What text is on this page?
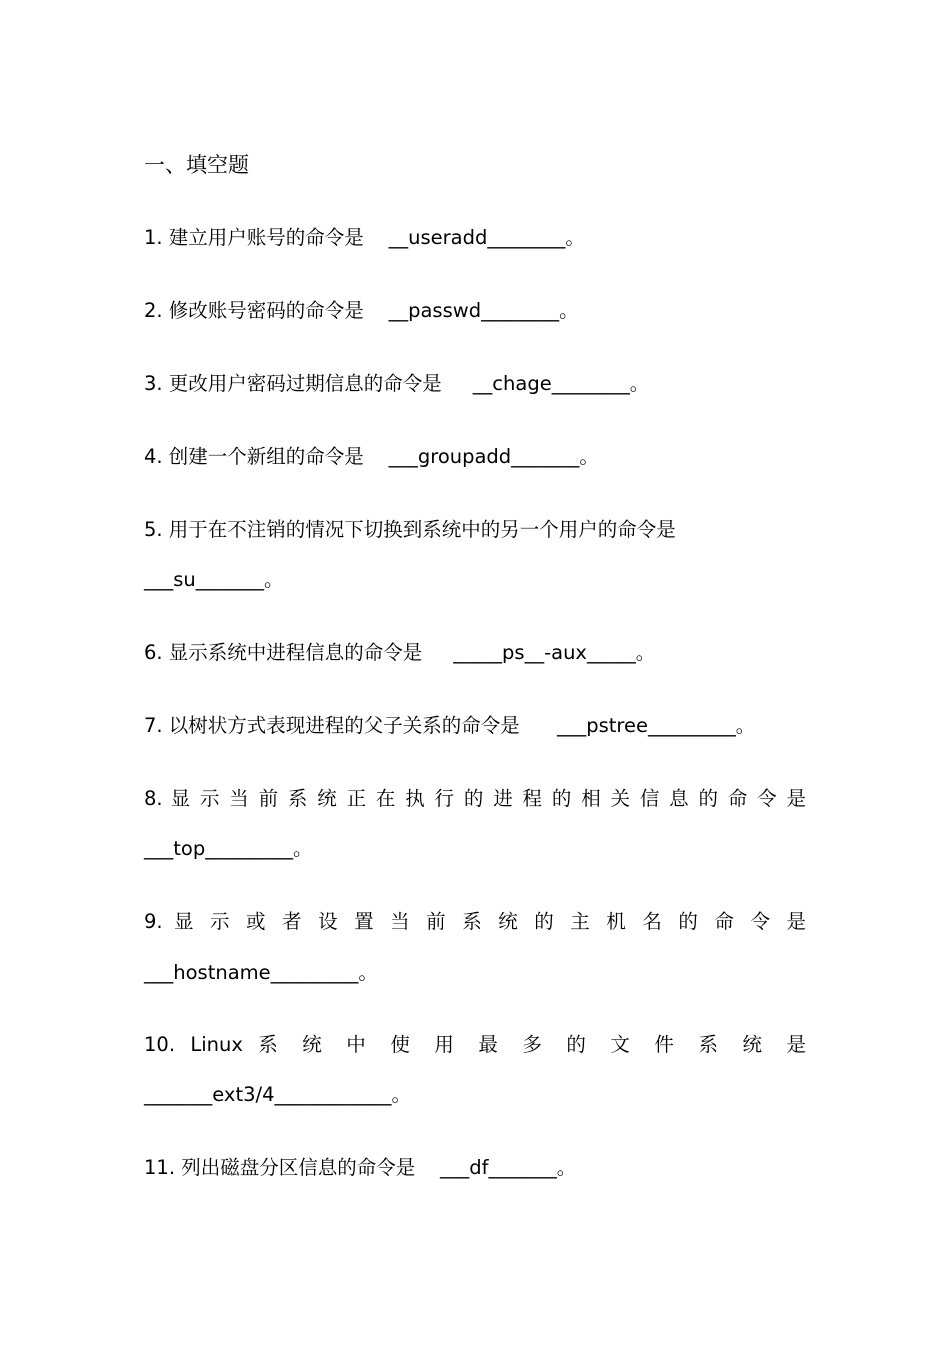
一、填空题
1. 建立用户账号的命令是    __useradd________。
2. 修改账号密码的命令是    __passwd________。
3. 更改用户密码过期信息的命令是     __chage________。
4. 创建一个新组的命令是    ___groupadd_______。
5. 用于在不注销的情况下切换到系统中的另一个用户的命令是
___su_______。
6. 显示系统中进程信息的命令是     _____ps__-aux_____。
7. 以树状方式表现进程的父子关系的命令是      ___pstree_________。
8. 显 示 当 前 系 统 正 在 执 行 的 进 程 的 相 关 信 息 的 命 令 是
___top_________。
9. 显 示 或 者 设 置 当 前 系 统 的 主 机 名 的 命 令 是
___hostname_________。
10. Linux 系 统 中 使 用 最 多 的 文 件 系 统 是
_______ext3/4____________。
11. 列出磁盘分区信息的命令是    ___df_______。
